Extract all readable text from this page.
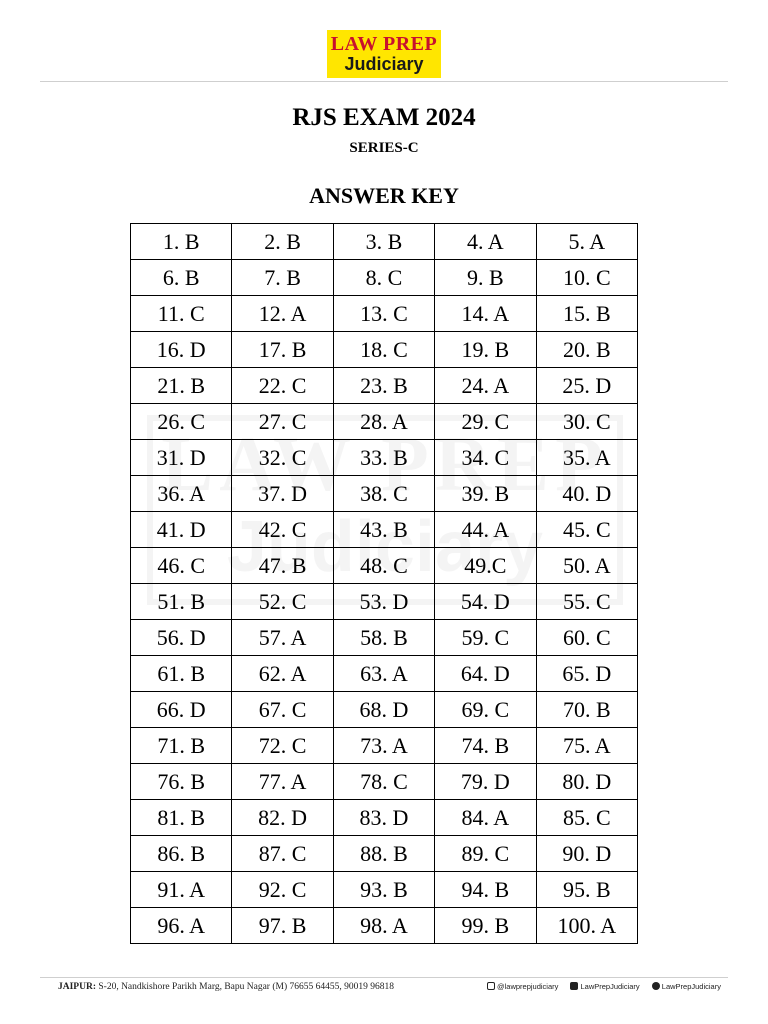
LAW PREP
Judiciary
RJS EXAM 2024
SERIES-C
ANSWER KEY
1. B	2. B	3. B	4. A	5. A
6. B	7. B	8. C	9. B	10. C
11. C	12. A	13. C	14. A	15. B
16. D	17. B	18. C	19. B	20. B
21. B	22. C	23. B	24. A	25. D
26. C	27. C	28. A	29. C	30. C
31. D	32. C	33. B	34. C	35. A
36. A	37. D	38. C	39. B	40. D
41. D	42. C	43. B	44. A	45. C
46. C	47. B	48. C	49.C	50. A
51. B	52. C	53. D	54. D	55. C
56. D	57. A	58. B	59. C	60. C
61. B	62. A	63. A	64. D	65. D
66. D	67. C	68. D	69. C	70. B
71. B	72. C	73. A	74. B	75. A
76. B	77. A	78. C	79. D	80. D
81. B	82. D	83. D	84. A	85. C
86. B	87. C	88. B	89. C	90. D
91. A	92. C	93. B	94. B	95. B
96. A	97. B	98. A	99. B	100. A
JAIPUR: S-20, Nandkishore Parikh Marg, Bapu Nagar (M) 76655 64455, 90019 96818	@lawprepjudiciary	LawPrepJudiciary	LawPrepJudiciary
